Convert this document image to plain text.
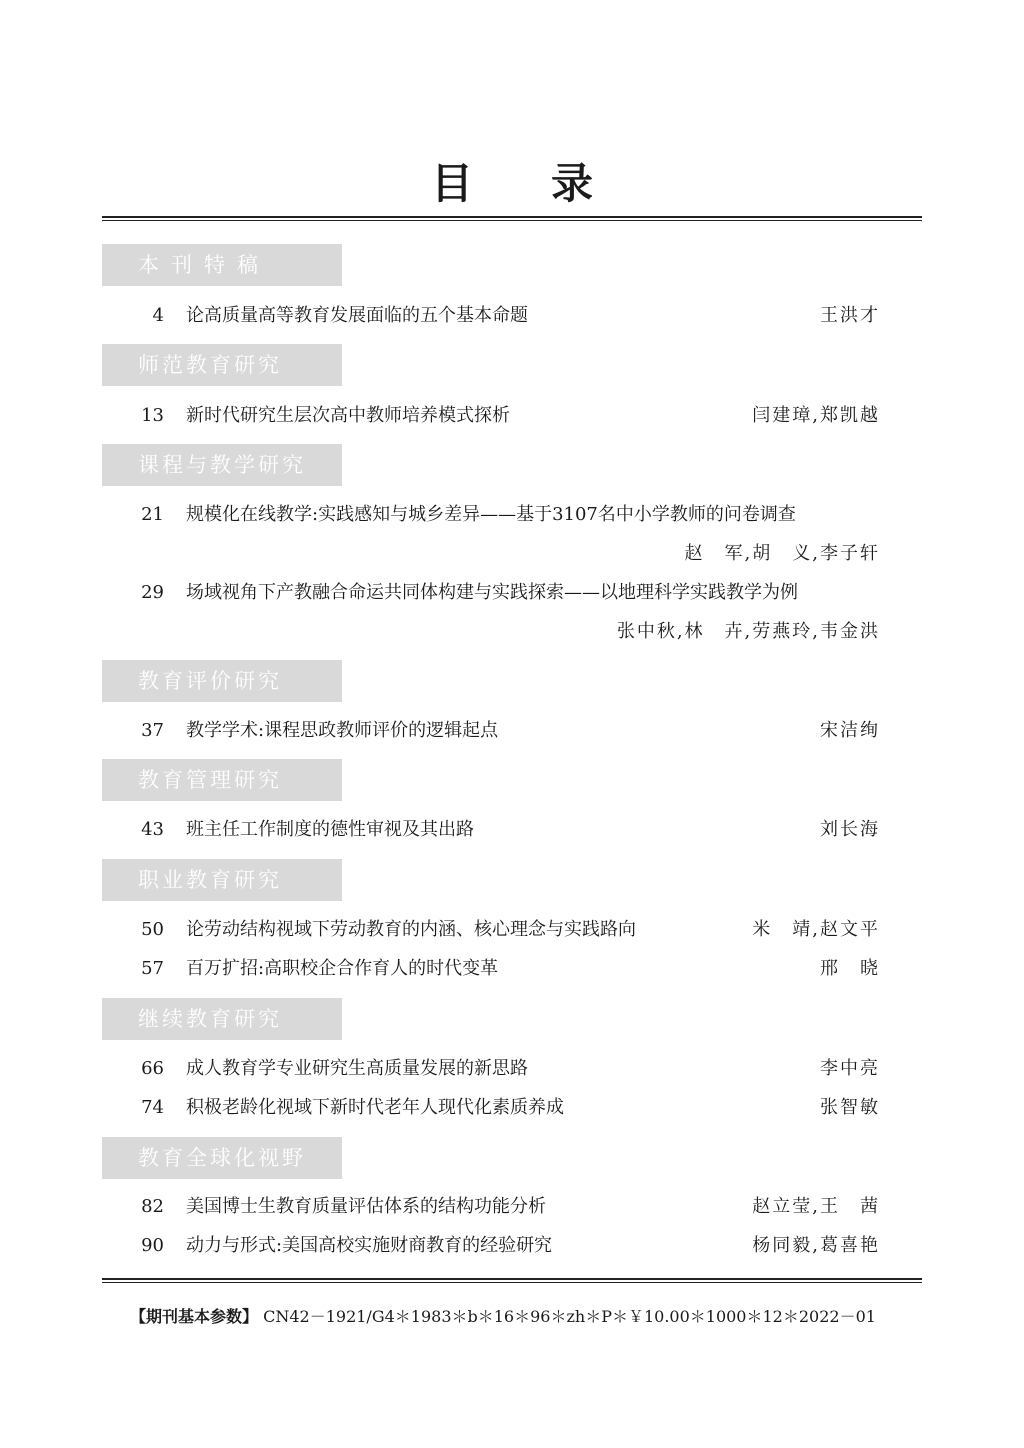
目录
本刊特稿
4 论高质量高等教育发展面临的五个基本命题	王洪才
师范教育研究
13 新时代研究生层次高中教师培养模式探析	闫建璋,郑凯越
课程与教学研究
21 规模化在线教学:实践感知与城乡差异——基于3107名中小学教师的问卷调查
赵　军,胡　义,李子轩
29 场域视角下产教融合命运共同体构建与实践探索——以地理科学实践教学为例
张中秋,林　卉,劳燕玲,韦金洪
教育评价研究
37 教学学术:课程思政教师评价的逻辑起点	宋洁绚
教育管理研究
43 班主任工作制度的德性审视及其出路	刘长海
职业教育研究
50 论劳动结构视域下劳动教育的内涵、核心理念与实践路向	米　靖,赵文平
57 百万扩招:高职校企合作育人的时代变革	邢　晓
继续教育研究
66 成人教育学专业研究生高质量发展的新思路	李中亮
74 积极老龄化视域下新时代老年人现代化素质养成	张智敏
教育全球化视野
82 美国博士生教育质量评估体系的结构功能分析	赵立莹,王　茜
90 动力与形式:美国高校实施财商教育的经验研究	杨同毅,葛喜艳
【期刊基本参数】 CN42－1921/G4＊1983＊b＊16＊96＊zh＊P＊￥10.00＊1000＊12＊2022－01
